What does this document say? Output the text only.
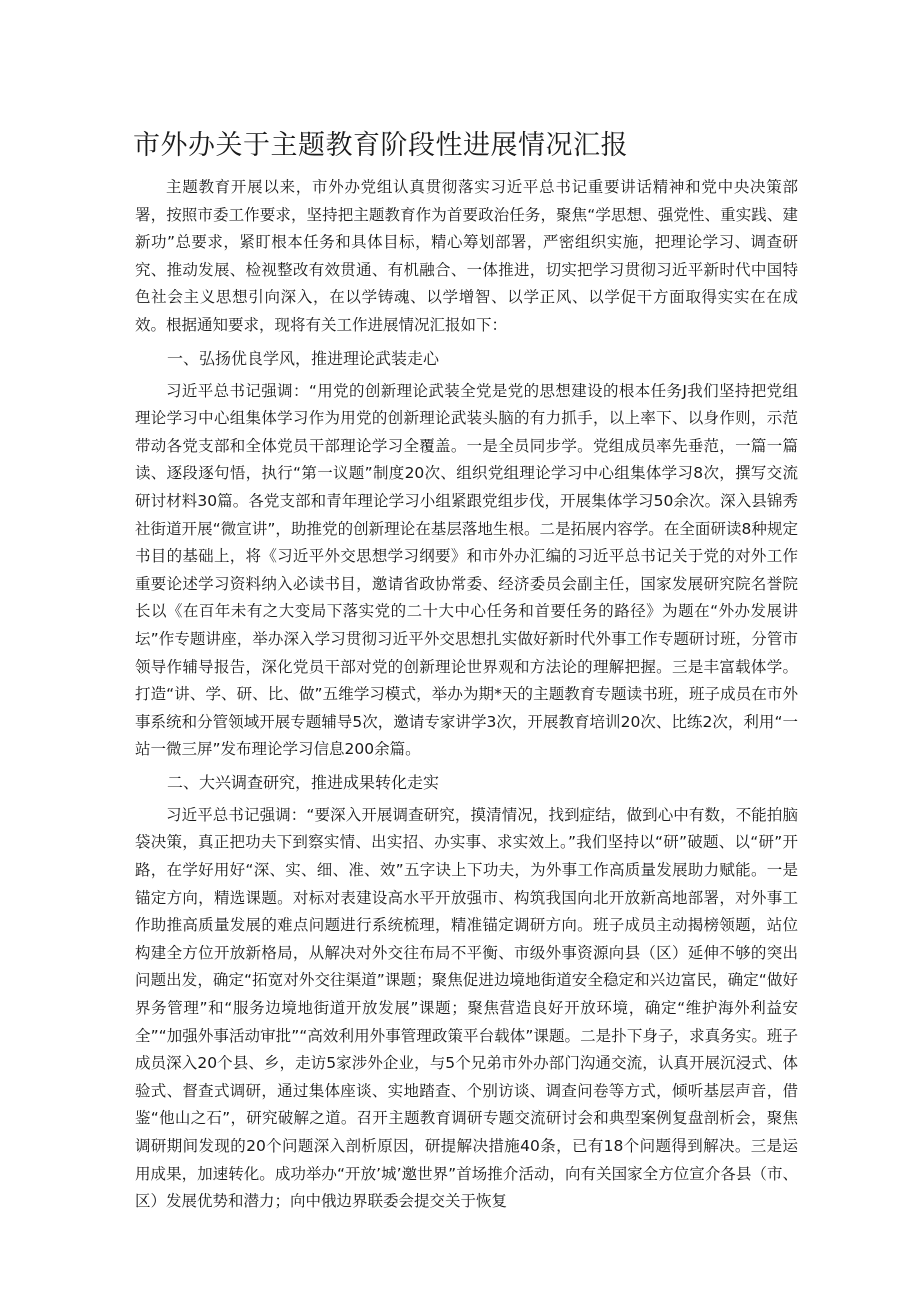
市外办关于主题教育阶段性进展情况汇报

主题教育开展以来，市外办党组认真贯彻落实习近平总书记重要讲话精神和党中央决策部署，按照市委工作要求，坚持把主题教育作为首要政治任务，聚焦“学思想、强党性、重实践、建新功”总要求，紧盯根本任务和具体目标，精心筹划部署，严密组织实施，把理论学习、调查研究、推动发展、检视整改有效贯通、有机融合、一体推进，切实把学习贯彻习近平新时代中国特色社会主义思想引向深入，在以学铸魂、以学增智、以学正风、以学促干方面取得实实在在成效。根据通知要求，现将有关工作进展情况汇报如下：

一、弘扬优良学风，推进理论武装走心

习近平总书记强调：“用党的创新理论武装全党是党的思想建设的根本任务J我们坚持把党组理论学习中心组集体学习作为用党的创新理论武装头脑的有力抓手，以上率下、以身作则，示范带动各党支部和全体党员干部理论学习全覆盖。一是全员同步学。党组成员率先垂范，一篇一篇读、逐段逐句悟，执行“第一议题”制度20次、组织党组理论学习中心组集体学习8次，撰写交流研讨材料30篇。各党支部和青年理论学习小组紧跟党组步伐，开展集体学习50余次。深入县锦秀社街道开展“微宣讲”，助推党的创新理论在基层落地生根。二是拓展内容学。在全面研读8种规定书目的基础上，将《习近平外交思想学习纲要》和市外办汇编的习近平总书记关于党的对外工作重要论述学习资料纳入必读书目，邀请省政协常委、经济委员会副主任，国家发展研究院名誉院长以《在百年未有之大变局下落实党的二十大中心任务和首要任务的路径》为题在“外办发展讲坛”作专题讲座，举办深入学习贯彻习近平外交思想扎实做好新时代外事工作专题研讨班，分管市领导作辅导报告，深化党员干部对党的创新理论世界观和方法论的理解把握。三是丰富载体学。打造“讲、学、研、比、做”五维学习模式，举办为期*天的主题教育专题读书班，班子成员在市外事系统和分管领域开展专题辅导5次，邀请专家讲学3次，开展教育培训20次、比练2次，利用“一站一微三屏”发布理论学习信息200余篇。

二、大兴调查研究，推进成果转化走实

习近平总书记强调：“要深入开展调查研究，摸清情况，找到症结，做到心中有数，不能拍脑袋决策，真正把功夫下到察实情、出实招、办实事、求实效上。”我们坚持以“研”破题、以“研”开路，在学好用好“深、实、细、准、效”五字诀上下功夫，为外事工作高质量发展助力赋能。一是锚定方向，精选课题。对标对表建设高水平开放强市、构筑我国向北开放新高地部署，对外事工作助推高质量发展的难点问题进行系统梳理，精准锚定调研方向。班子成员主动揭榜领题，站位构建全方位开放新格局，从解决对外交往布局不平衡、市级外事资源向县（区）延伸不够的突出问题出发，确定“拓宽对外交往渠道”课题；聚焦促进边境地街道安全稳定和兴边富民，确定“做好界务管理”和“服务边境地街道开放发展”课题；聚焦营造良好开放环境，确定“维护海外利益安全”“加强外事活动审批”“高效利用外事管理政策平台载体”课题。二是扑下身子，求真务实。班子成员深入20个县、乡，走访5家涉外企业，与5个兄弟市外办部门沟通交流，认真开展沉浸式、体验式、督查式调研，通过集体座谈、实地踏查、个别访谈、调查问卷等方式，倾听基层声音，借鉴“他山之石”，研究破解之道。召开主题教育调研专题交流研讨会和典型案例复盘剖析会，聚焦调研期间发现的20个问题深入剖析原因，研提解决措施40条，已有18个问题得到解决。三是运用成果，加速转化。成功举办“开放’城’邀世界”首场推介活动，向有关国家全方位宣介各县（市、区）发展优势和潜力；向中俄边界联委会提交关于恢复
